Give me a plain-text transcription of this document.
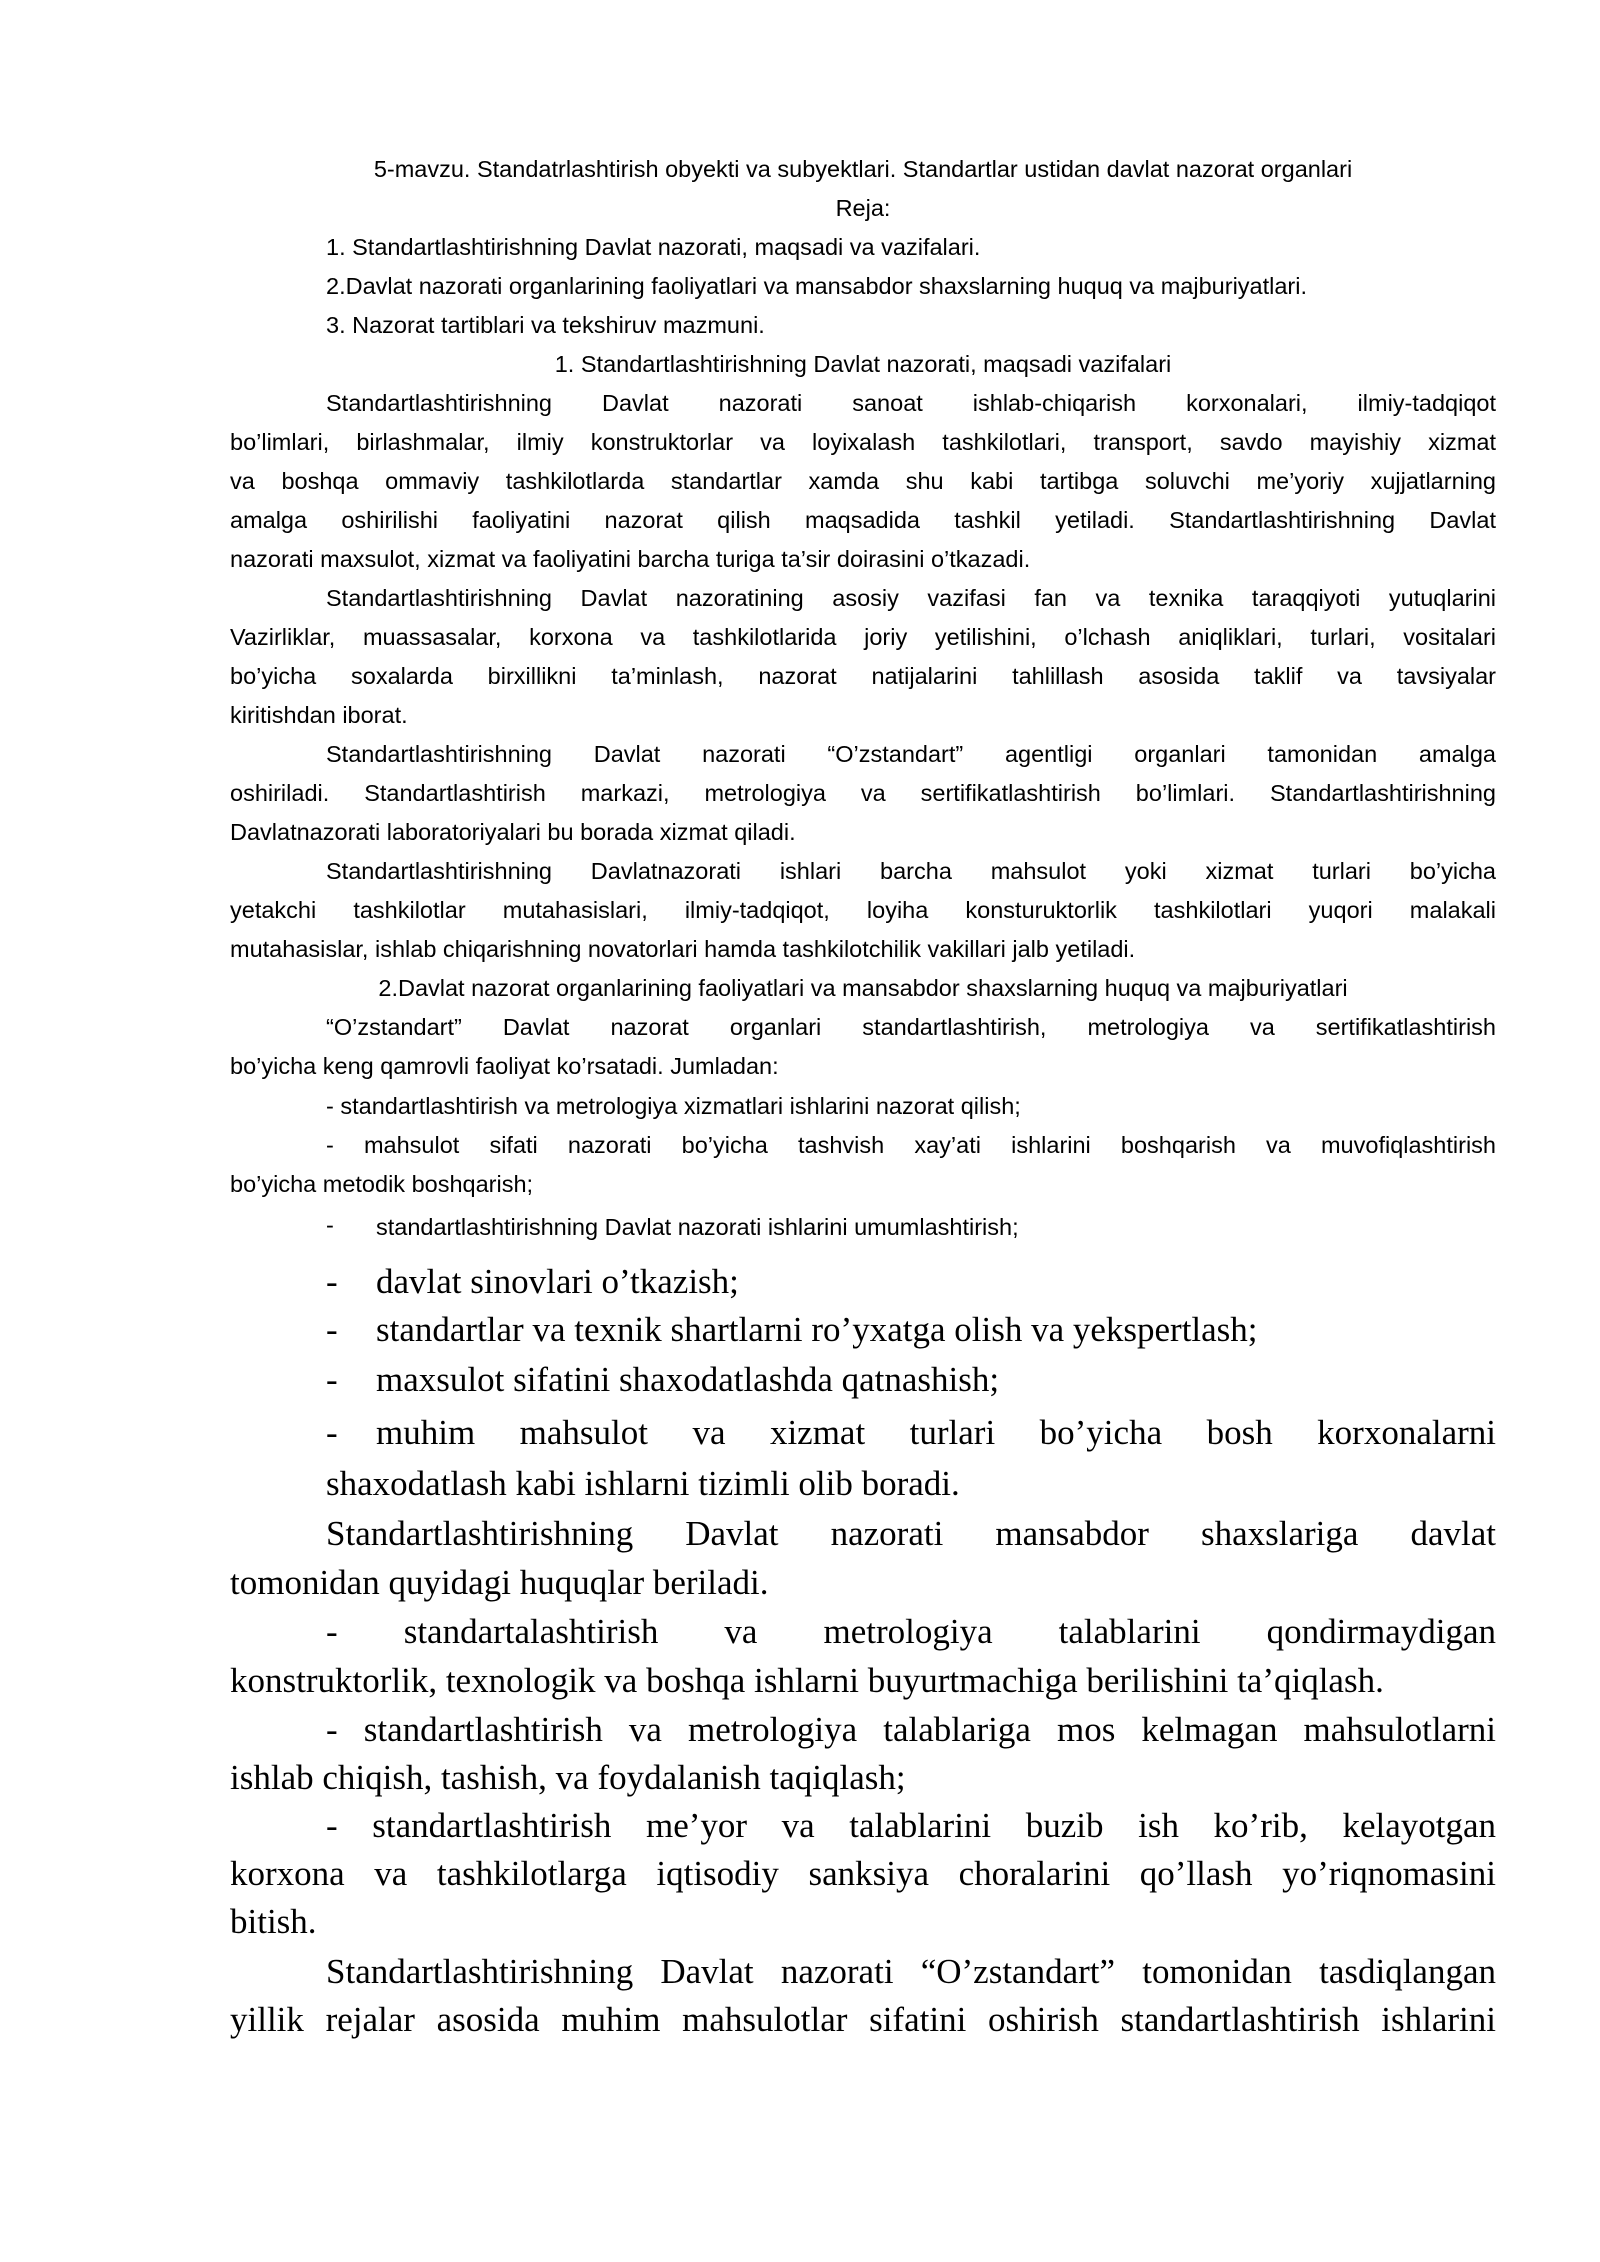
5-mavzu. Standatrlashtirish obyekti va subyektlari. Standartlar ustidan davlat nazorat organlari
Reja:
1. Standartlashtirishning Davlat nazorati, maqsadi va vazifalari.
2.Davlat nazorati organlarining faoliyatlari va mansabdor shaxslarning huquq va majburiyatlari.
3. Nazorat tartiblari va tekshiruv mazmuni.
1. Standartlashtirishning Davlat nazorati, maqsadi vazifalari
Standartlashtirishning Davlat nazorati sanoat ishlab-chiqarish korxonalari, ilmiy-tadqiqot
bo’limlari, birlashmalar, ilmiy konstruktorlar va loyixalash tashkilotlari, transport, savdo mayishiy xizmat
va boshqa ommaviy tashkilotlarda standartlar xamda shu kabi tartibga soluvchi me’yoriy xujjatlarning
amalga oshirilishi faoliyatini nazorat qilish maqsadida tashkil yetiladi. Standartlashtirishning Davlat
nazorati maxsulot, xizmat va faoliyatini barcha turiga ta’sir doirasini o’tkazadi.
Standartlashtirishning Davlat nazoratining asosiy vazifasi fan va texnika taraqqiyoti yutuqlarini
Vazirliklar, muassasalar, korxona va tashkilotlarida joriy yetilishini, o’lchash aniqliklari, turlari, vositalari
bo’yicha soxalarda birxillikni ta’minlash, nazorat natijalarini tahlillash asosida taklif va tavsiyalar
kiritishdan iborat.
Standartlashtirishning Davlat nazorati “O’zstandart” agentligi organlari tamonidan amalga
oshiriladi. Standartlashtirish markazi, metrologiya va sertifikatlashtirish bo’limlari. Standartlashtirishning
Davlatnazorati laboratoriyalari bu borada xizmat qiladi.
Standartlashtirishning Davlatnazorati ishlari barcha mahsulot yoki xizmat turlari bo’yicha
yetakchi tashkilotlar mutahasislari, ilmiy-tadqiqot, loyiha konsturuktorlik tashkilotlari yuqori malakali
mutahasislar, ishlab chiqarishning novatorlari hamda tashkilotchilik vakillari jalb yetiladi.
2.Davlat nazorat organlarining faoliyatlari va mansabdor shaxslarning huquq va majburiyatlari
“O’zstandart” Davlat nazorat organlari standartlashtirish, metrologiya va sertifikatlashtirish
bo’yicha keng qamrovli faoliyat ko’rsatadi. Jumladan:
- standartlashtirish va metrologiya xizmatlari ishlarini nazorat qilish;
- mahsulot sifati nazorati bo’yicha tashvish xay’ati ishlarini boshqarish va muvofiqlashtirish
bo’yicha metodik boshqarish;
- standartlashtirishning Davlat nazorati ishlarini umumlashtirish;
- davlat sinovlari o’tkazish;
- standartlar va texnik shartlarni ro’yxatga olish va yekspertlash;
- maxsulot sifatini shaxodatlashda qatnashish;
- muhim mahsulot va xizmat turlari bo’yicha bosh korxonalarni
shaxodatlash kabi ishlarni tizimli olib boradi.
Standartlashtirishning Davlat nazorati mansabdor shaxslariga davlat
tomonidan quyidagi huquqlar beriladi.
- standartalashtirish va metrologiya talablarini qondirmaydigan
konstruktorlik, texnologik va boshqa ishlarni buyurtmachiga berilishini ta’qiqlash.
- standartlashtirish va metrologiya talablariga mos kelmagan mahsulotlarni
ishlab chiqish, tashish, va foydalanish taqiqlash;
- standartlashtirish me’yor va talablarini buzib ish ko’rib, kelayotgan
korxona va tashkilotlarga iqtisodiy sanksiya choralarini qo’llash yo’riqnomasini
bitish.
Standartlashtirishning Davlat nazorati “O’zstandart” tomonidan tasdiqlangan
yillik rejalar asosida muhim mahsulotlar sifatini oshirish standartlashtirish ishlarini
